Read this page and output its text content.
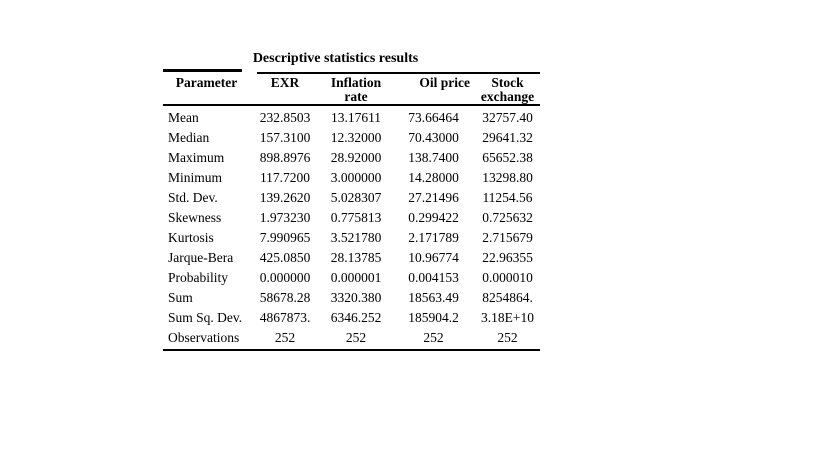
Descriptive statistics results
Parameter	EXR	Inflation rate	Oil price	Stock exchange
Mean	232.8503	13.17611	73.66464	32757.40
Median	157.3100	12.32000	70.43000	29641.32
Maximum	898.8976	28.92000	138.7400	65652.38
Minimum	117.7200	3.000000	14.28000	13298.80
Std. Dev.	139.2620	5.028307	27.21496	11254.56
Skewness	1.973230	0.775813	0.299422	0.725632
Kurtosis	7.990965	3.521780	2.171789	2.715679
Jarque-Bera	425.0850	28.13785	10.96774	22.96355
Probability	0.000000	0.000001	0.004153	0.000010
Sum	58678.28	3320.380	18563.49	8254864.
Sum Sq. Dev.	4867873.	6346.252	185904.2	3.18E+10
Observations	252	252	252	252
